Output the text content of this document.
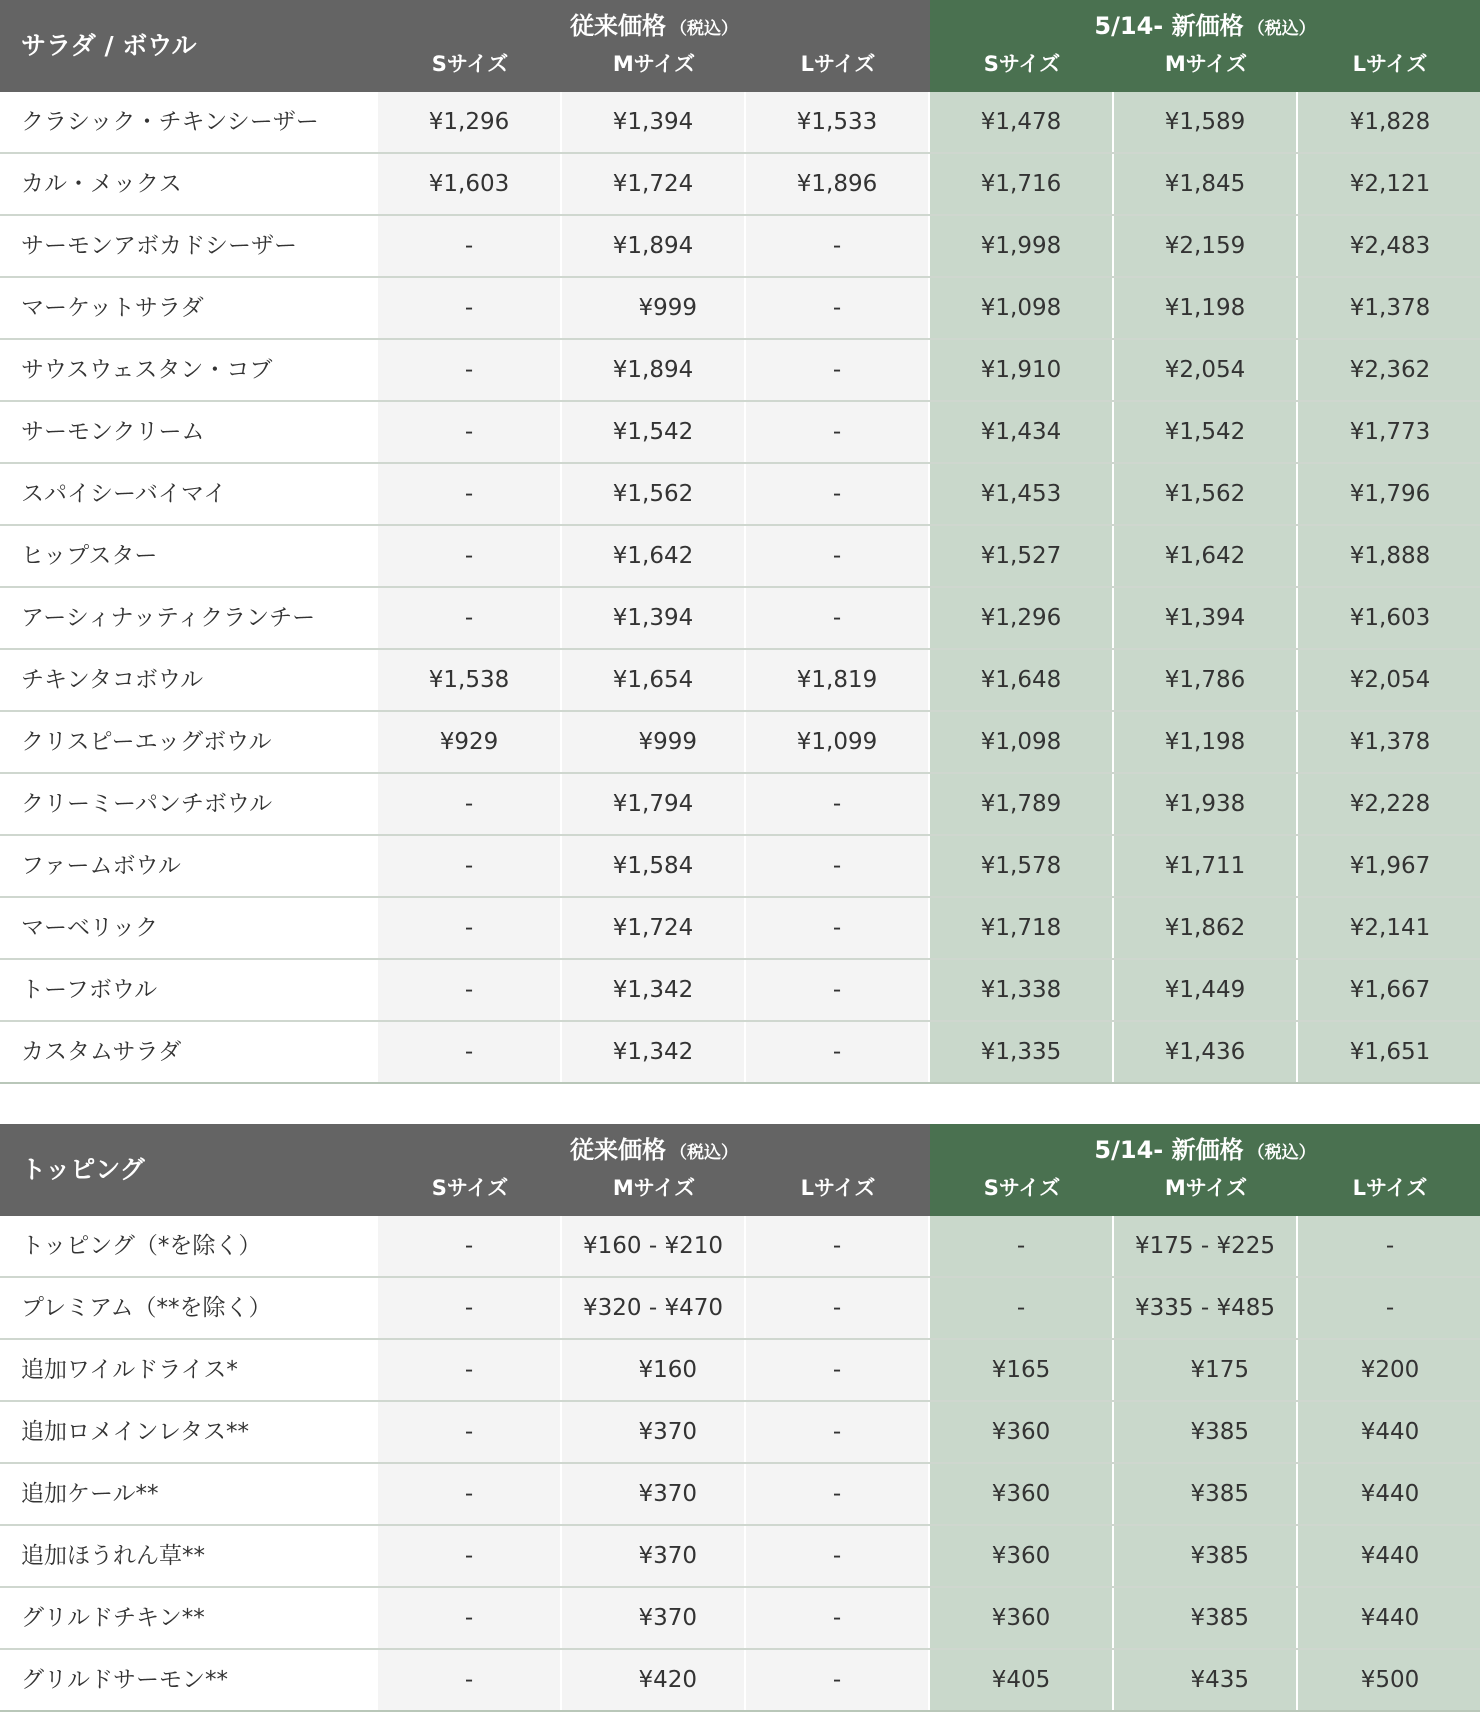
サラダ / ボウル
従来価格 （税込）	5/14- 新価格 （税込）
Sサイズ	Mサイズ	Lサイズ	Sサイズ	Mサイズ	Lサイズ
クラシック・チキンシーザー	¥1,296	¥1,394	¥1,533	¥1,478	¥1,589	¥1,828
カル・メックス	¥1,603	¥1,724	¥1,896	¥1,716	¥1,845	¥2,121
サーモンアボカドシーザー	-	¥1,894	-	¥1,998	¥2,159	¥2,483
マーケットサラダ	-	¥999	-	¥1,098	¥1,198	¥1,378
サウスウェスタン・コブ	-	¥1,894	-	¥1,910	¥2,054	¥2,362
サーモンクリーム	-	¥1,542	-	¥1,434	¥1,542	¥1,773
スパイシーバイマイ	-	¥1,562	-	¥1,453	¥1,562	¥1,796
ヒップスター	-	¥1,642	-	¥1,527	¥1,642	¥1,888
アーシィナッティクランチー	-	¥1,394	-	¥1,296	¥1,394	¥1,603
チキンタコボウル	¥1,538	¥1,654	¥1,819	¥1,648	¥1,786	¥2,054
クリスピーエッグボウル	¥929	¥999	¥1,099	¥1,098	¥1,198	¥1,378
クリーミーパンチボウル	-	¥1,794	-	¥1,789	¥1,938	¥2,228
ファームボウル	-	¥1,584	-	¥1,578	¥1,711	¥1,967
マーベリック	-	¥1,724	-	¥1,718	¥1,862	¥2,141
トーフボウル	-	¥1,342	-	¥1,338	¥1,449	¥1,667
カスタムサラダ	-	¥1,342	-	¥1,335	¥1,436	¥1,651
トッピング
従来価格 （税込）	5/14- 新価格 （税込）
Sサイズ	Mサイズ	Lサイズ	Sサイズ	Mサイズ	Lサイズ
トッピング（*を除く）	-	¥160 - ¥210	-	-	¥175 - ¥225	-
プレミアム（**を除く）	-	¥320 - ¥470	-	-	¥335 - ¥485	-
追加ワイルドライス*	-	¥160	-	¥165	¥175	¥200
追加ロメインレタス**	-	¥370	-	¥360	¥385	¥440
追加ケール**	-	¥370	-	¥360	¥385	¥440
追加ほうれん草**	-	¥370	-	¥360	¥385	¥440
グリルドチキン**	-	¥370	-	¥360	¥385	¥440
グリルドサーモン**	-	¥420	-	¥405	¥435	¥500
